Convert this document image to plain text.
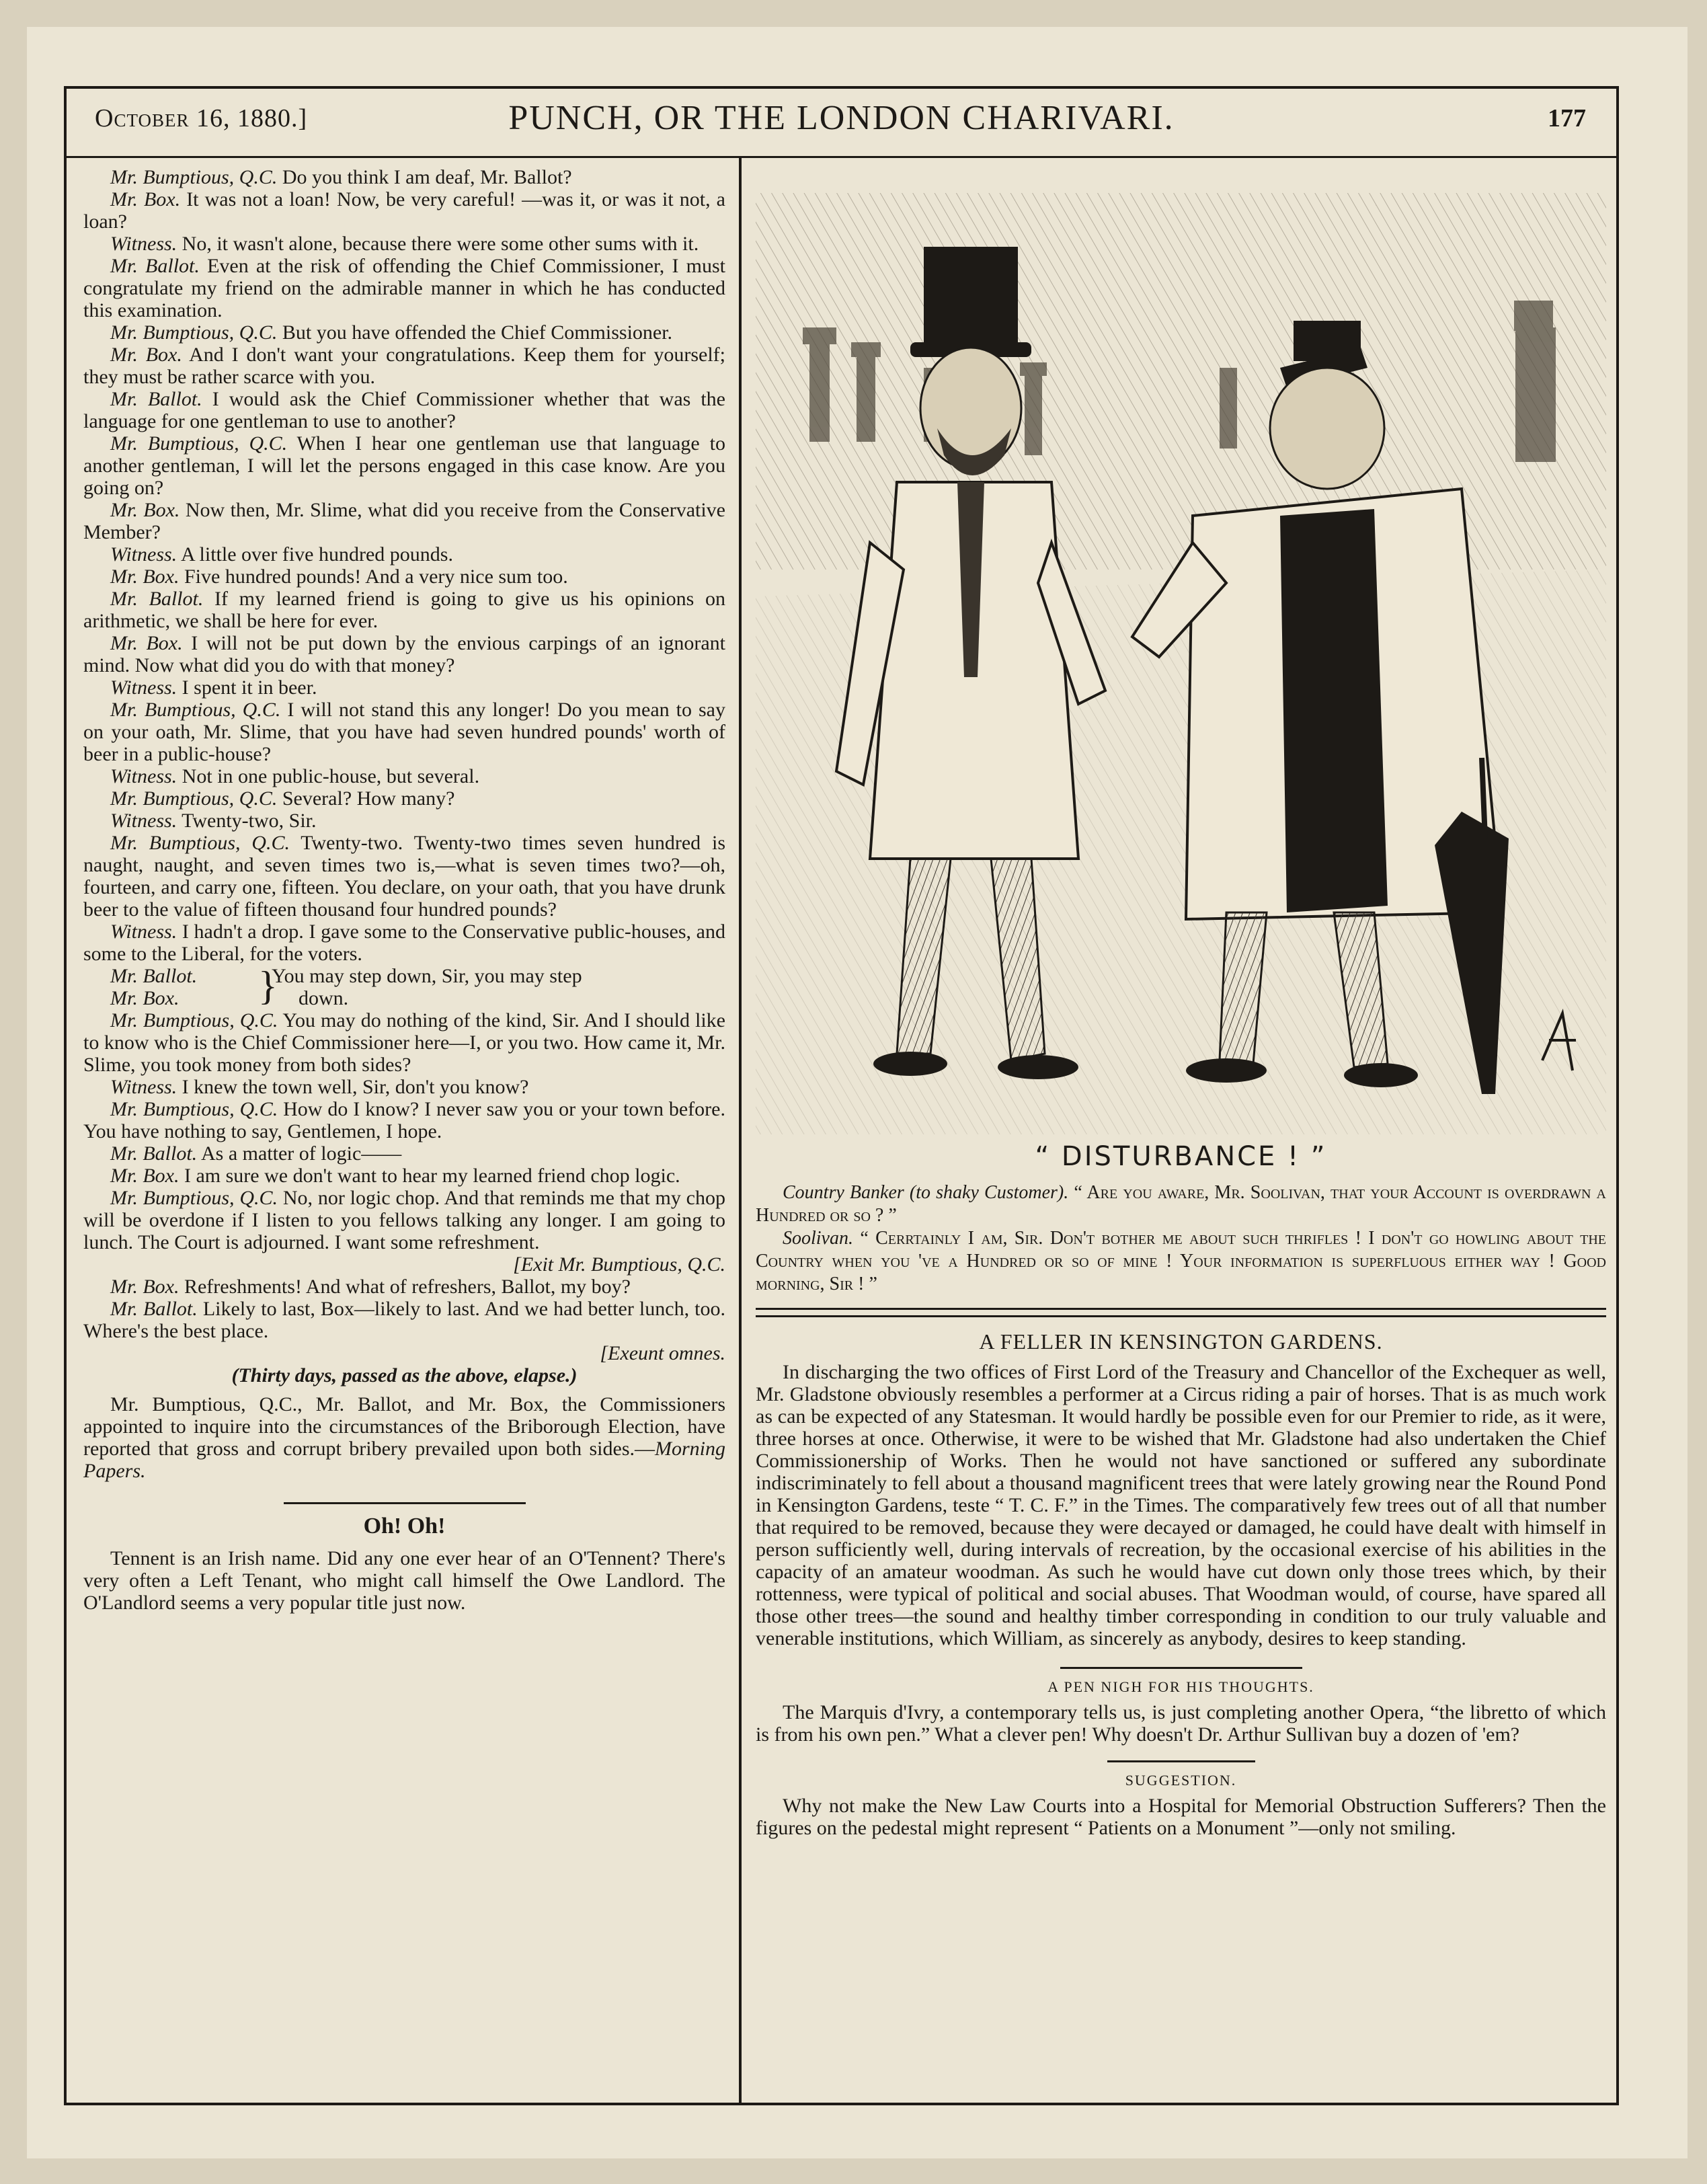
October 16, 1880.]	PUNCH, OR THE LONDON CHARIVARI.	177

Mr. Bumptious, Q.C. Do you think I am deaf, Mr. Ballot?

Mr. Box. It was not a loan! Now, be very careful! —was it, or was it not, a loan?

Witness. No, it wasn't alone, because there were some other sums with it.

Mr. Ballot. Even at the risk of offending the Chief Commissioner, I must congratulate my friend on the admirable manner in which he has conducted this examination.

Mr. Bumptious, Q.C. But you have offended the Chief Commissioner.

Mr. Box. And I don't want your congratulations. Keep them for yourself; they must be rather scarce with you.

Mr. Ballot. I would ask the Chief Commissioner whether that was the language for one gentleman to use to another?

Mr. Bumptious, Q.C. When I hear one gentleman use that language to another gentleman, I will let the persons engaged in this case know. Are you going on?

Mr. Box. Now then, Mr. Slime, what did you receive from the Conservative Member?

Witness. A little over five hundred pounds.

Mr. Box. Five hundred pounds! And a very nice sum too.

Mr. Ballot. If my learned friend is going to give us his opinions on arithmetic, we shall be here for ever.

Mr. Box. I will not be put down by the envious carpings of an ignorant mind. Now what did you do with that money?

Witness. I spent it in beer.

Mr. Bumptious, Q.C. I will not stand this any longer! Do you mean to say on your oath, Mr. Slime, that you have had seven hundred pounds' worth of beer in a public-house?

Witness. Not in one public-house, but several.

Mr. Bumptious, Q.C. Several? How many?

Witness. Twenty-two, Sir.

Mr. Bumptious, Q.C. Twenty-two. Twenty-two times seven hundred is naught, naught, and seven times two is,—what is seven times two?—oh, fourteen, and carry one, fifteen. You declare, on your oath, that you have drunk beer to the value of fifteen thousand four hundred pounds?

Witness. I hadn't a drop. I gave some to the Conservative public-houses, and some to the Liberal, for the voters.

Mr. Ballot.
Mr. Box.	}
You may step down, Sir, you may step
down.

Mr. Bumptious, Q.C. You may do nothing of the kind, Sir. And I should like to know who is the Chief Commissioner here—I, or you two. How came it, Mr. Slime, you took money from both sides?

Witness. I knew the town well, Sir, don't you know?

Mr. Bumptious, Q.C. How do I know? I never saw you or your town before. You have nothing to say, Gentlemen, I hope.

Mr. Ballot. As a matter of logic——

Mr. Box. I am sure we don't want to hear my learned friend chop logic.

Mr. Bumptious, Q.C. No, nor logic chop. And that reminds me that my chop will be overdone if I listen to you fellows talking any longer. I am going to lunch. The Court is adjourned. I want some refreshment.

[Exit Mr. Bumptious, Q.C.

Mr. Box. Refreshments! And what of refreshers, Ballot, my boy?

Mr. Ballot. Likely to last, Box—likely to last. And we had better lunch, too. Where's the best place.

[Exeunt omnes.

(Thirty days, passed as the above, elapse.)

Mr. Bumptious, Q.C., Mr. Ballot, and Mr. Box, the Commissioners appointed to inquire into the circumstances of the Briborough Election, have reported that gross and corrupt bribery prevailed upon both sides.—Morning Papers.

Oh! Oh!

Tennent is an Irish name. Did any one ever hear of an O'Tennent? There's very often a Left Tenant, who might call himself the Owe Landlord. The O'Landlord seems a very popular title just now.

“ DISTURBANCE ! ”

Country Banker (to shaky Customer). “ Are you aware, Mr. Soolivan, that your Account is overdrawn a Hundred or so ? ”

Soolivan. “ Cerrtainly I am, Sir. Don't bother me about such thrifles ! I don't go howling about the Country when you 've a Hundred or so of mine ! Your information is superfluous either way ! Good morning, Sir ! ”

A FELLER IN KENSINGTON GARDENS.

In discharging the two offices of First Lord of the Treasury and Chancellor of the Exchequer as well, Mr. Gladstone obviously resembles a performer at a Circus riding a pair of horses. That is as much work as can be expected of any Statesman. It would hardly be possible even for our Premier to ride, as it were, three horses at once. Otherwise, it were to be wished that Mr. Gladstone had also undertaken the Chief Commissionership of Works. Then he would not have sanctioned or suffered any subordinate indiscriminately to fell about a thousand magnificent trees that were lately growing near the Round Pond in Kensington Gardens, teste “ T. C. F.” in the Times. The comparatively few trees out of all that number that required to be removed, because they were decayed or damaged, he could have dealt with himself in person sufficiently well, during intervals of recreation, by the occasional exercise of his abilities in the capacity of an amateur woodman. As such he would have cut down only those trees which, by their rottenness, were typical of political and social abuses. That Woodman would, of course, have spared all those other trees—the sound and healthy timber corresponding in condition to our truly valuable and venerable institutions, which William, as sincerely as anybody, desires to keep standing.

A PEN NIGH FOR HIS THOUGHTS.

The Marquis d'Ivry, a contemporary tells us, is just completing another Opera, “the libretto of which is from his own pen.” What a clever pen! Why doesn't Dr. Arthur Sullivan buy a dozen of 'em?

SUGGESTION.

Why not make the New Law Courts into a Hospital for Memorial Obstruction Sufferers? Then the figures on the pedestal might represent “ Patients on a Monument ”—only not smiling.
